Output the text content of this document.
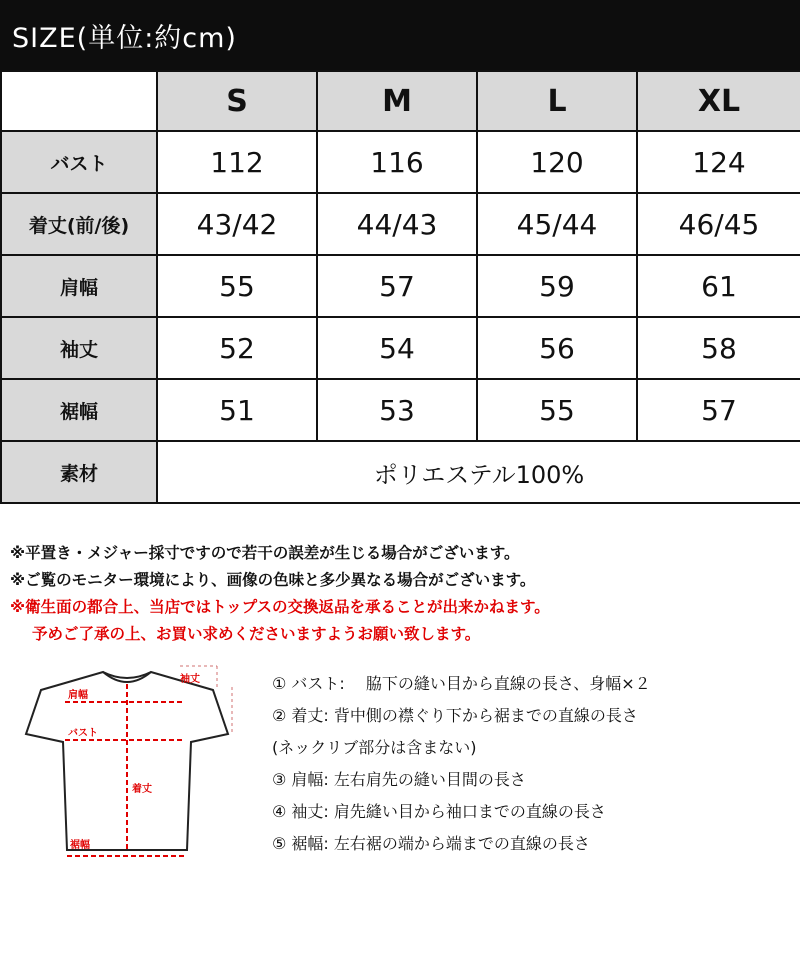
SIZE(単位:約cm)
	S	M	L	XL
バスト	112	116	120	124
着丈(前/後)	43/42	44/43	45/44	46/45
肩幅	55	57	59	61
袖丈	52	54	56	58
裾幅	51	53	55	57
素材	ポリエステル100%			
※平置き・メジャー採寸ですので若干の誤差が生じる場合がございます。
※ご覧のモニター環境により、画像の色味と多少異なる場合がございます。
※衛生面の都合上、当店ではトップスの交換返品を承ることが出来かねます。
予めご了承の上、お買い求めくださいますようお願い致します。
肩幅
袖丈
バスト
着丈
裾幅
① バスト:　 脇下の縫い目から直線の長さ、身幅×２
② 着丈: 背中側の襟ぐり下から裾までの直線の長さ
(ネックリブ部分は含まない)
③ 肩幅: 左右肩先の縫い目間の長さ
④ 袖丈: 肩先縫い目から袖口までの直線の長さ
⑤ 裾幅: 左右裾の端から端までの直線の長さ
